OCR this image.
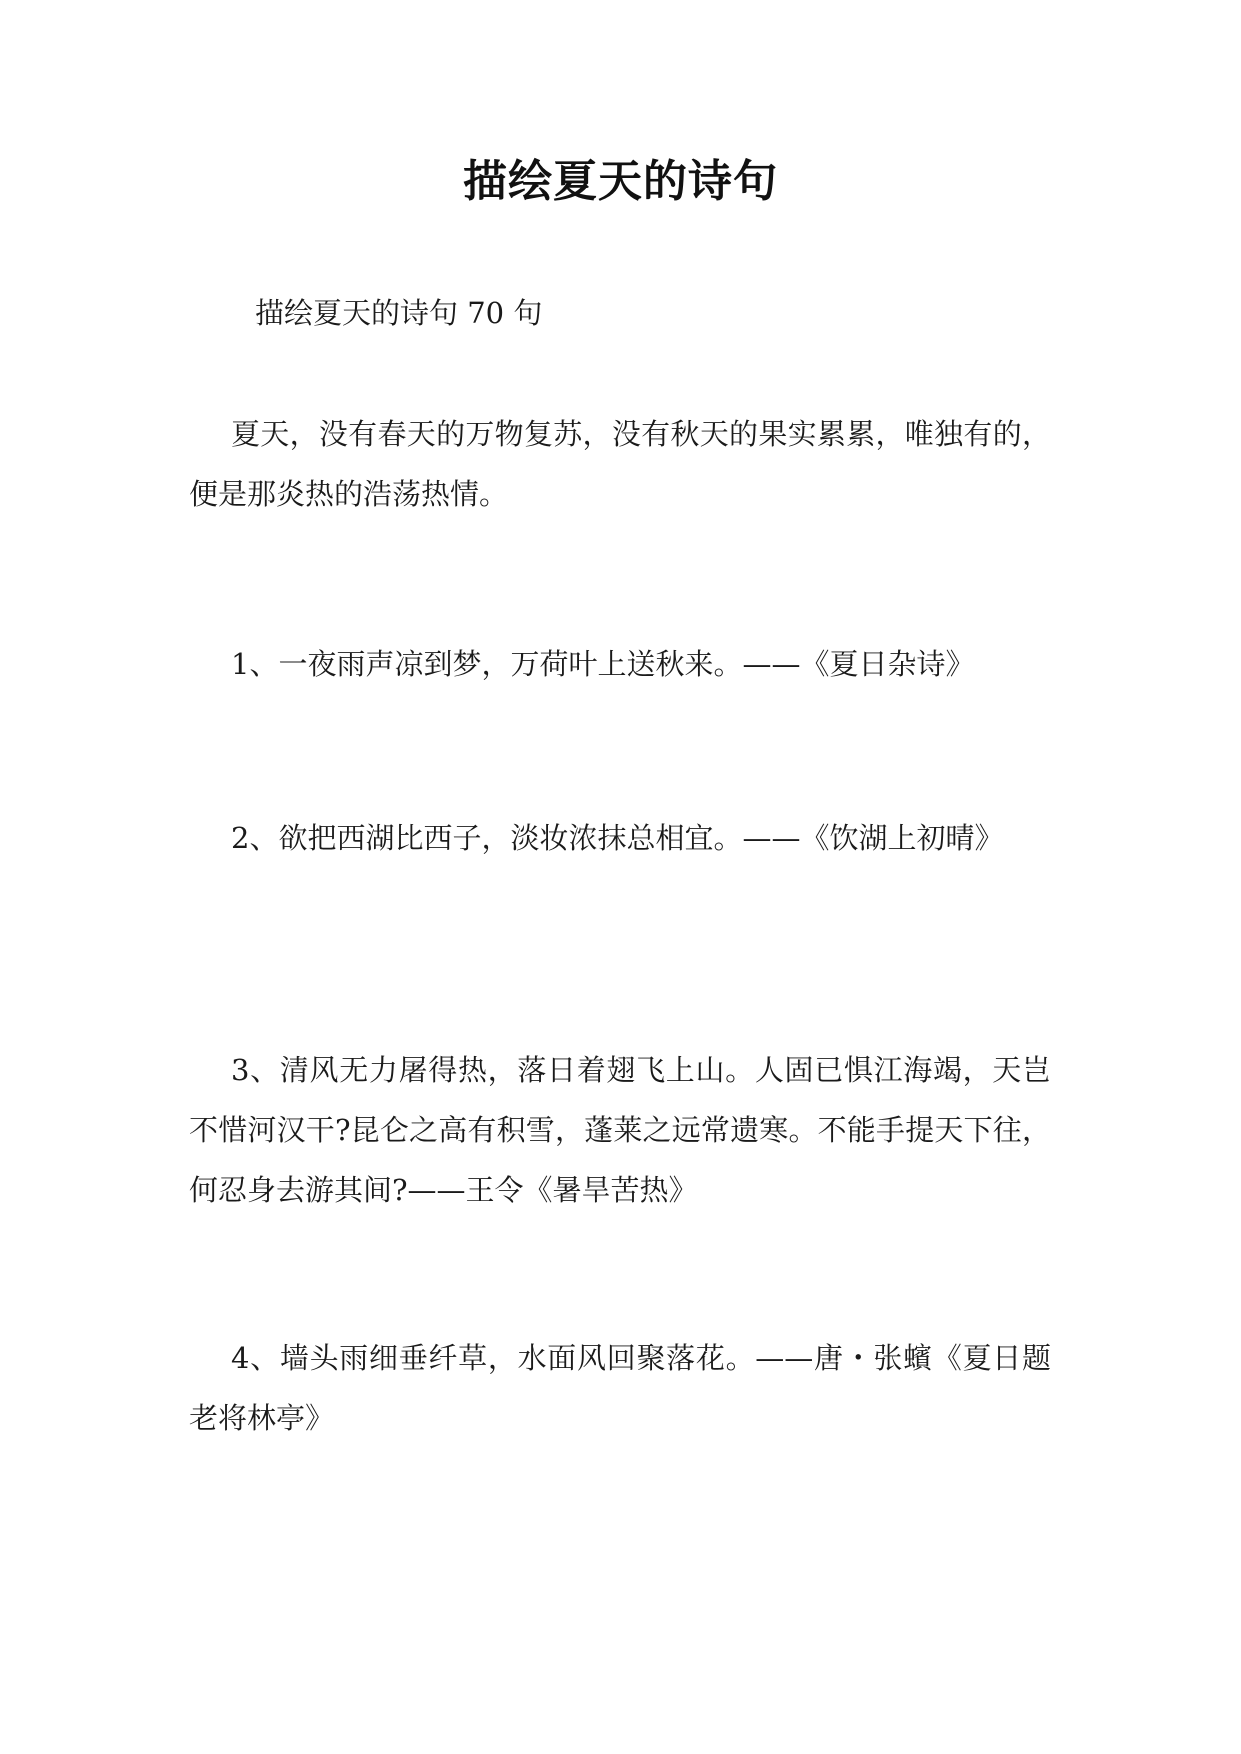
描绘夏天的诗句
描绘夏天的诗句 70 句

夏天，没有春天的万物复苏，没有秋天的果实累累，唯独有的，便是那炎热的浩荡热情。

1、一夜雨声凉到梦，万荷叶上送秋来。——《夏日杂诗》

2、欲把西湖比西子，淡妆浓抹总相宜。——《饮湖上初晴》

3、清风无力屠得热，落日着翅飞上山。人固已惧江海竭，天岂不惜河汉干?昆仑之高有积雪，蓬莱之远常遗寒。不能手提天下往，何忍身去游其间?——王令《暑旱苦热》

4、墙头雨细垂纤草，水面风回聚落花。——唐・张蠙《夏日题老将林亭》
